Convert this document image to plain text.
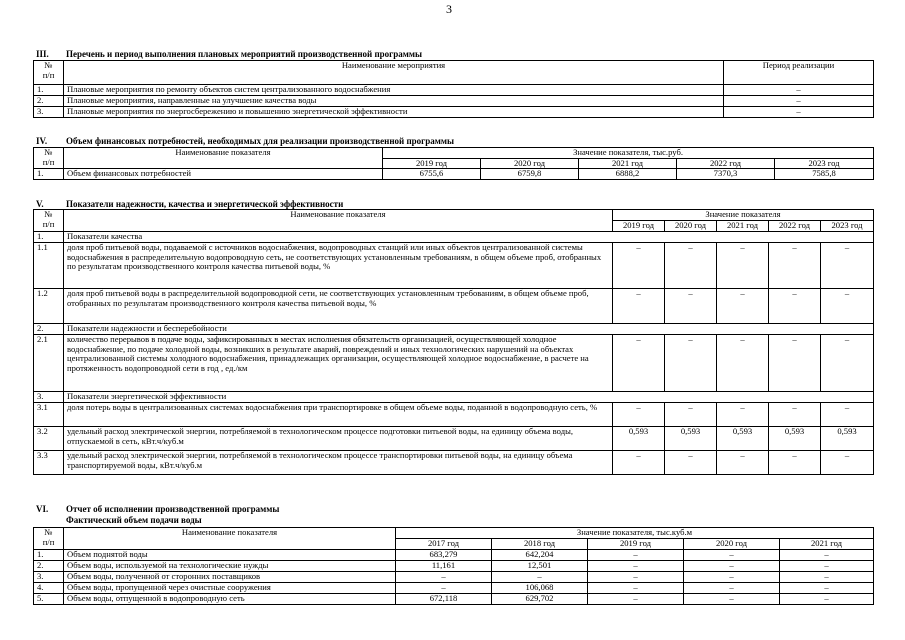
3
III. Перечень и период выполнения плановых мероприятий производственной программы
№
п/п	Наименование мероприятия	Период реализации
1.	Плановые мероприятия по ремонту объектов систем централизованного водоснабжения	–
2.	Плановые мероприятия, направленные на улучшение качества воды	–
3.	Плановые мероприятия по энергосбережению и повышению энергетической эффективности	–
IV. Объем финансовых потребностей, необходимых для реализации производственной программы
№
п/п	Наименование показателя	Значение показателя, тыс.руб.				
		2019 год	2020 год	2021 год	2022 год	2023 год
1.	Объем финансовых потребностей	6755,6	6759,8	6888,2	7370,3	7585,8
V. Показатели надежности, качества и энергетической эффективности
№
п/п	Наименование показателя	Значение показателя				
		2019 год	2020 год	2021 год	2022 год	2023 год
1.	Показатели качества					
1.1	доля проб питьевой воды, подаваемой с источников водоснабжения, водопроводных станций или иных объектов централизованной системы водоснабжения в распределительную водопроводную сеть, не соответствующих установленным требованиям, в общем объеме проб, отобранных по результатам производственного контроля качества питьевой воды, %	–	–	–	–	–
1.2	доля проб питьевой воды в распределительной водопроводной сети, не соответствующих установленным требованиям, в общем объеме проб, отобранных по результатам производственного контроля качества питьевой воды, %	–	–	–	–	–
2.	Показатели надежности и бесперебойности					
2.1	количество перерывов в подаче воды, зафиксированных в местах исполнения обязательств организацией, осуществляющей холодное водоснабжение, по подаче холодной воды, возникших в результате аварий, повреждений и иных технологических нарушений на объектах централизованной системы холодного водоснабжения, принадлежащих организации, осуществляющей холодное водоснабжение, в расчете на протяженность водопроводной сети в год , ед./км	–	–	–	–	–
3.	Показатели энергетической эффективности					
3.1	доля потерь воды в централизованных системах водоснабжения при транспортировке в общем объеме воды, поданной в водопроводную сеть, %	–	–	–	–	–
3.2	удельный расход электрической энергии, потребляемой в технологическом процессе подготовки питьевой воды, на единицу объема воды, отпускаемой в сеть, кВт.ч/куб.м	0,593	0,593	0,593	0,593	0,593
3.3	удельный расход электрической энергии, потребляемой в технологическом процессе транспортировки питьевой воды, на единицу объема транспортируемой воды, кВт.ч/куб.м	–	–	–	–	–
VI. Отчет об исполнении производственной программы
Фактический объем подачи воды
№
п/п	Наименование показателя	Значение показателя, тыс.куб.м				
		2017 год	2018 год	2019 год	2020 год	2021 год
1.	Объем поднятой воды	683,279	642,204	–	–	–
2.	Объем воды, используемой на технологические нужды	11,161	12,501	–	–	–
3.	Объем воды, полученной от сторонних поставщиков	–	–	–	–	–
4.	Объем воды, пропущенной через очистные сооружения	–	106,068	–	–	–
5.	Объем воды, отпущенной в водопроводную сеть	672,118	629,702	–	–	–
